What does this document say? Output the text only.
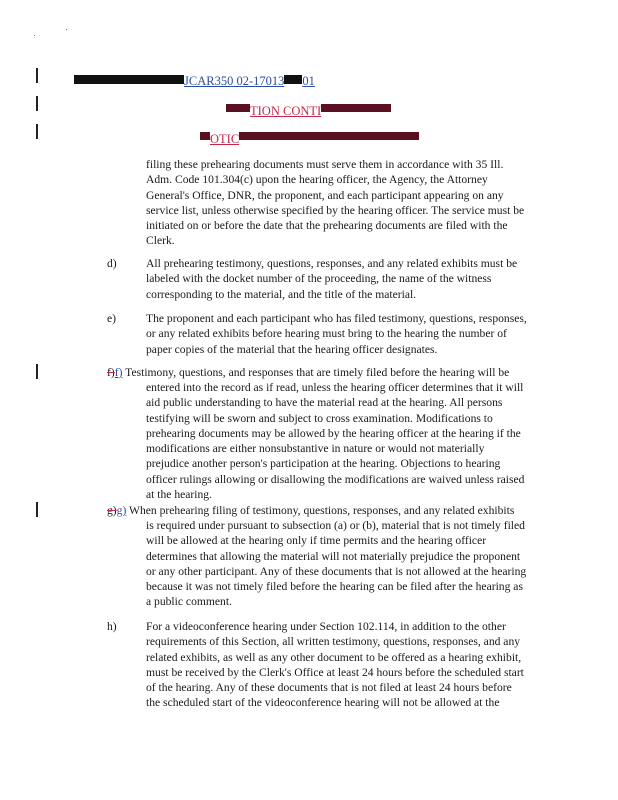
JCAR350 02-17013 01
TION CONTI
OTIC
filing these prehearing documents must serve them in accordance with 35 Ill.
Adm. Code 101.304(c) upon the hearing officer, the Agency, the Attorney
General's Office, DNR, the proponent, and each participant appearing on any
service list, unless otherwise specified by the hearing officer. The service must be
initiated on or before the date that the prehearing documents are filed with the
Clerk.
d)	All prehearing testimony, questions, responses, and any related exhibits must be
labeled with the docket number of the proceeding, the name of the witness
corresponding to the material, and the title of the material.
e)	The proponent and each participant who has filed testimony, questions, responses,
or any related exhibits before hearing must bring to the hearing the number of
paper copies of the material that the hearing officer designates.
f)f) Testimony, questions, and responses that are timely filed before the hearing will be
entered into the record as if read, unless the hearing officer determines that it will
aid public understanding to have the material read at the hearing. All persons
testifying will be sworn and subject to cross examination. Modifications to
prehearing documents may be allowed by the hearing officer at the hearing if the
modifications are either nonsubstantive in nature or would not materially
prejudice another person's participation at the hearing. Objections to hearing
officer rulings allowing or disallowing the modifications are waived unless raised
at the hearing.
g)g) When prehearing filing of testimony, questions, responses, and any related exhibits
is required under pursuant to subsection (a) or (b), material that is not timely filed
will be allowed at the hearing only if time permits and the hearing officer
determines that allowing the material will not materially prejudice the proponent
or any other participant. Any of these documents that is not allowed at the hearing
because it was not timely filed before the hearing can be filed after the hearing as
a public comment.
h)	For a videoconference hearing under Section 102.114, in addition to the other
requirements of this Section, all written testimony, questions, responses, and any
related exhibits, as well as any other document to be offered as a hearing exhibit,
must be received by the Clerk's Office at least 24 hours before the scheduled start
of the hearing. Any of these documents that is not filed at least 24 hours before
the scheduled start of the videoconference hearing will not be allowed at the
